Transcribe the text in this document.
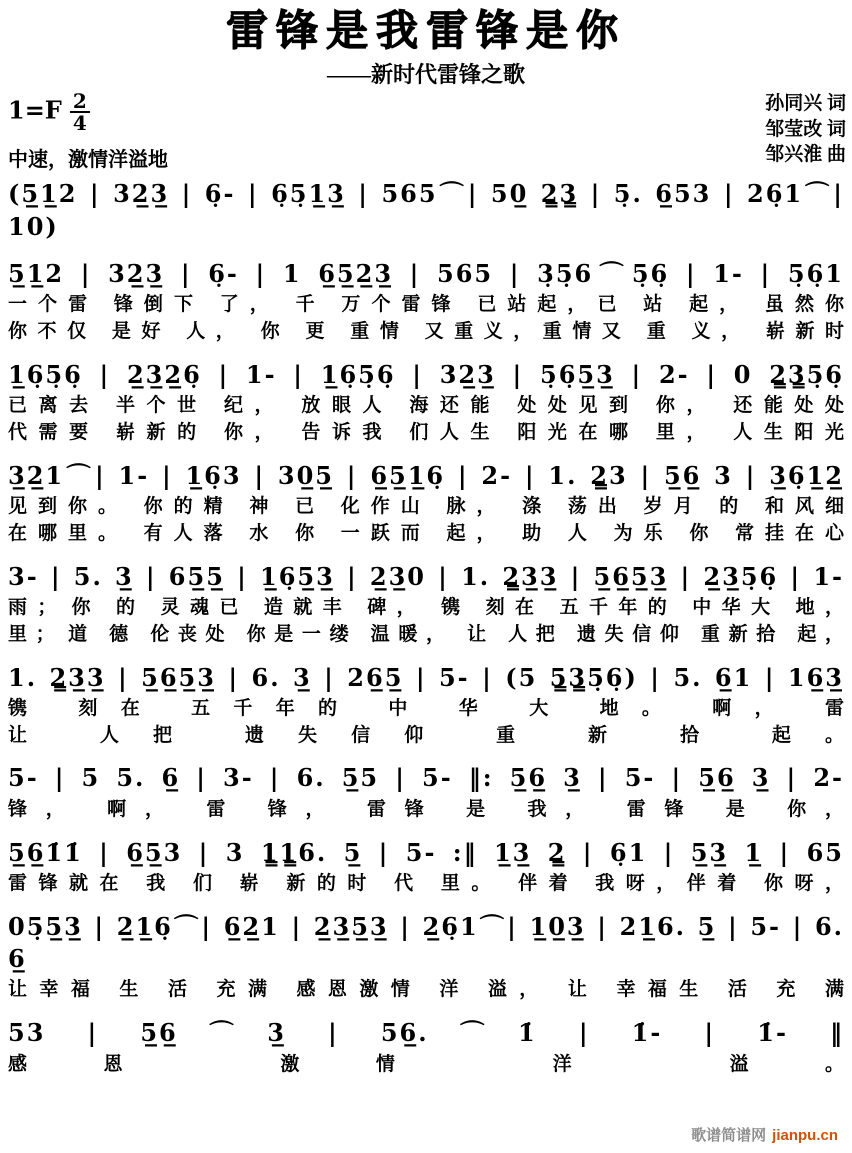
雷锋是我雷锋是你
——新时代雷锋之歌
$1=F \frac{2}{4}$
中速，激情洋溢地
孙同兴 词
邹莹改 词
邹兴淮 曲
(5̲1̲2 | 32̲3̲ | 6̣- | 6̣5̣1̲3̲ | 565⌒| 50̲ 2̳3̳ | 5̣. 6̲53 | 26̣1⌒| 10)
5̲1̲2 | 32̲3̲ | 6̣- | 1 6̲5̲2̲3̲ | 565 | 3̣5̣6⌒5̣6̣ | 1- | 5̣6̣1
一个雷 锋倒下 了， 千 万个雷锋 已站起，已 站 起， 虽然你
你不仅 是好 人， 你 更 重情 又重义，重情又 重 义， 崭新时
1̲6̣5̣6̣ | 2̲3̲2̲6̣ | 1- | 1̲6̣5̣6̣ | 32̲3̲ | 5̣6̣5̲3̲ | 2- | 0 2̳3̳5̣6̣
已离去 半个世 纪， 放眼人 海还能 处处见到 你， 还能处处
代需要 崭新的 你， 告诉我 们人生 阳光在哪 里， 人生阳光
3̲2̲1⌒| 1- | 1̲6̣3 | 30̲5̲ | 6̲5̲1̲6̣ | 2- | 1. 2̳3 | 5̲6̲ 3 | 3̲6̣1̲2̲
见到你。 你的精 神 已 化作山 脉， 涤 荡出 岁月 的 和风细
在哪里。 有人落 水 你 一跃而 起， 助 人 为乐 你 常挂在心
3- | 5. 3̲ | 65̲5̲ | 1̲6̣5̲3̲ | 2̲3̲0 | 1. 2̳3̲3̲ | 5̲6̲5̲3̲ | 2̲3̲5̣6̣ | 1-
雨； 你 的 灵魂已 造就丰 碑， 镌 刻在 五千年的 中华大 地，
里； 道 德 伦丧处 你是一缕 温暖， 让 人把 遗失信仰 重新拾 起，
1. 2̳3̲3̲ | 5̲6̲5̲3̲ | 6. 3̲ | 26̲5̲ | 5- | (5 5̳3̳5̣6̣) | 5. 6̲1 | 16̲3̲
镌 刻在 五千年的 中 华 大 地。 啊， 雷
让 人把 遗失信仰 重 新 拾 起。
5- | 5 5. 6̲ | 3- | 6. 5̲5 | 5- ‖: 5̲6̲ 3̲ | 5- | 5̲6̲ 3̲ | 2-
锋， 啊， 雷 锋， 雷锋 是 我， 雷锋 是 你，
5̲6̲1̇1̇ | 6̲5̲3 | 3 1̳1̳6. 5̲ | 5- :‖ 1̲3̲ 2̳ | 6̣1 | 5̲3̲ 1̲ | 65
雷锋就在 我 们 崭 新的时 代 里。 伴着 我呀，伴着 你呀，
05̣5̲3̲ | 2̲1̲6̣⌒| 6̲2̲1 | 2̲3̲5̲3̲ | 2̲6̣1⌒| 1̲0̲3̲ | 21̲6. 5̲ | 5- | 6. 6̲
让幸福 生 活 充满 感恩激情 洋 溢， 让 幸福生 活 充 满
53 | 5̲6̲⌒3̲ | 56̲.⌒1̇ | 1̇- | 1̇- ‖
感恩 激情 洋 溢。
歌谱简谱网 jianpu.cn
